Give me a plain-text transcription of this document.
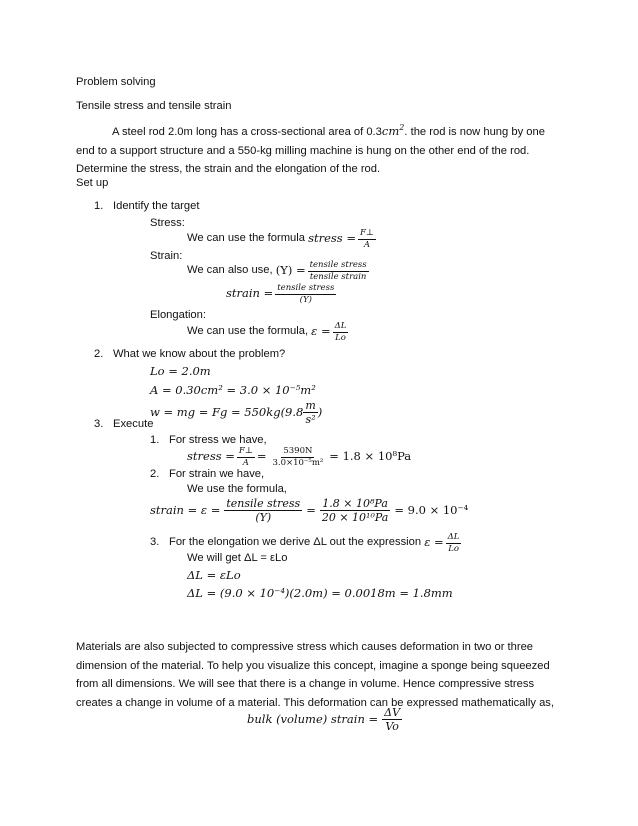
Problem solving
Tensile stress and tensile strain
A steel rod 2.0m long has a cross-sectional area of $0.3cm^2$. the rod is now hung by one end to a support structure and a 550-kg milling machine is hung on the other end of the rod. Determine the stress, the strain and the elongation of the rod.
Set up
1. Identify the target
Stress:
We can use the formula
stress = $\frac{F\perp}{A}$
Strain:
We can also use,
$(Y) = \frac{\text{tensile stress}}{\text{tensile strain}}$
strain = $\frac{\text{tensile stress}}{(Y)}$
Elongation:
We can use the formula,
$\varepsilon = \frac{\Delta L}{Lo}$
2. What we know about the problem?
Lo = 2.0m
A = 0.30cm² = 3.0 × 10⁻⁵m²
w = mg = $Fg = 550kg(9.8 \frac{m}{\text{s²}}$ )
3. Execute
1. For stress we have,
stress = $\frac{F\perp}{A} = \frac{5390N}{\text{3.0×10⁻⁵m²}} = 1.8 \times 10^8Pa$
2. For strain we have,
We use the formula,
strain = $\varepsilon = \frac{\text{tensile stress}}{(Y)} = \frac{\text{1.8 × 10⁸Pa}}{\text{20 × 10¹⁰Pa}} = 9.0 \times 10^{-4}$
3. For the elongation we derive ΔL out the expression
$\varepsilon = \frac{\Delta L}{Lo}$
We will get ΔL = εLo
ΔL = εLo
ΔL = (9.0 × 10⁻⁴)(2.0m) = 0.0018m = 1.8mm
Materials are also subjected to compressive stress which causes deformation in two or three dimension of the material. To help you visualize this concept, imagine a sponge being squeezed from all dimensions. We will see that there is a change in volume. Hence compressive stress creates a change in volume of a material. This deformation can be expressed mathematically as,
bulk (volume) strain = $\frac{\Delta V}{Vo}$
